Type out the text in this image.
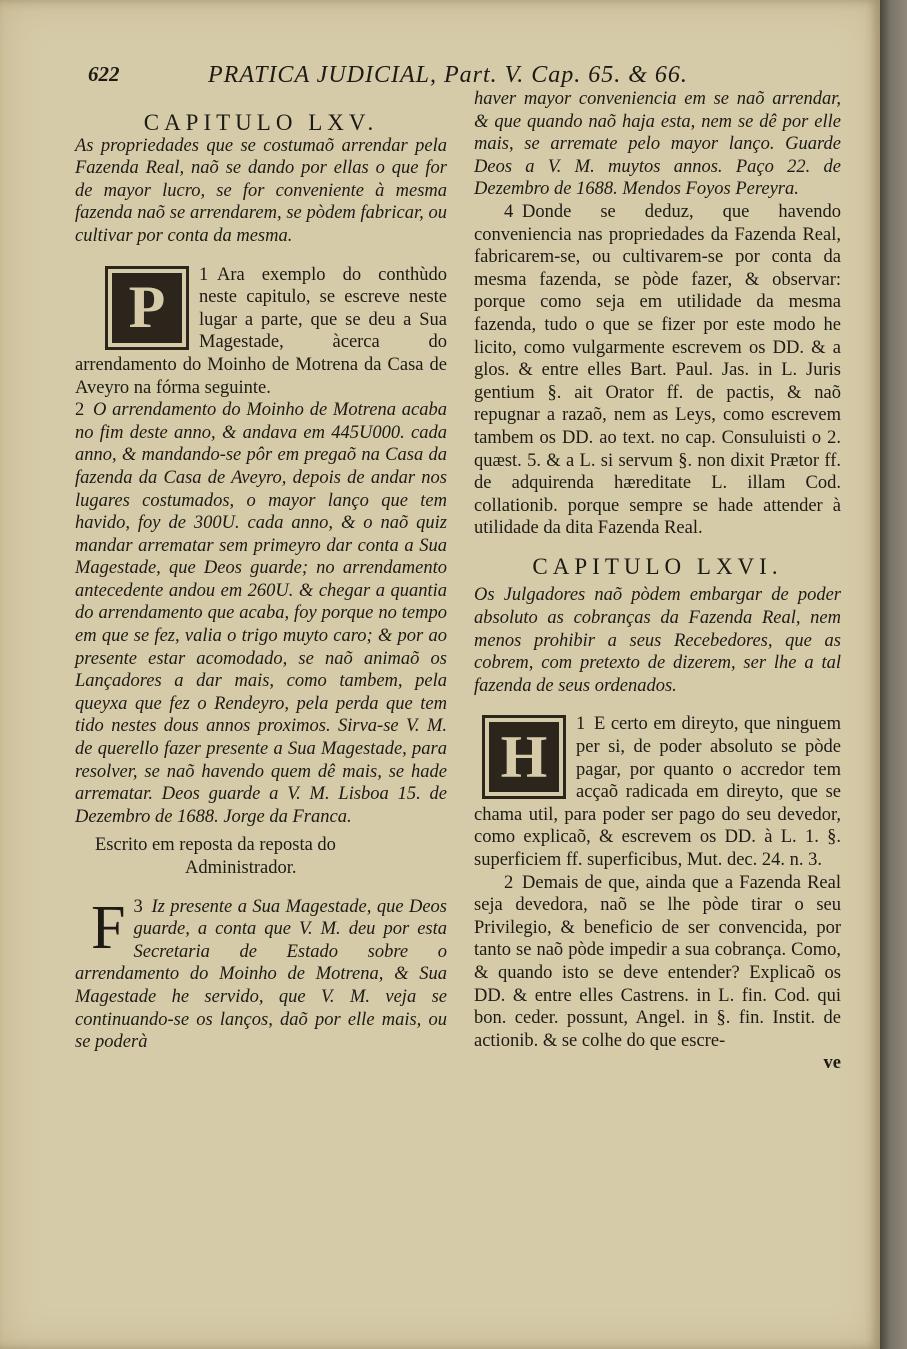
622	PRATICA JUDICIAL, Part. V. Cap. 65. & 66.

CAPITULO LXV.

As propriedades que se costumaõ arrendar pela Fazenda Real, naõ se dando por ellas o que for de mayor lucro, se for conveniente à mesma fazenda naõ se arrendarem, se pòdem fabricar, ou cultivar por conta da mesma.

1
P	Ara exemplo do conthùdo neste capitulo, se escreve neste lugar a parte, que se deu a Sua Magestade, àcerca do arrendamento do Moinho de Motrena da Casa de Aveyro na fórma seguinte.

2 O arrendamento do Moinho de Motrena acaba no fim deste anno, & andava em 445U000. cada anno, & mandando-se pôr em pregaõ na Casa da fazenda da Casa de Aveyro, depois de andar nos lugares costumados, o mayor lanço que tem havido, foy de 300U. cada anno, & o naõ quiz mandar arrematar sem primeyro dar conta a Sua Magestade, que Deos guarde; no arrendamento antecedente andou em 260U. & chegar a quantia do arrendamento que acaba, foy porque no tempo em que se fez, valia o trigo muyto caro; & por ao presente estar acomodado, se naõ animaõ os Lançadores a dar mais, como tambem, pela queyxa que fez o Rendeyro, pela perda que tem tido nestes dous annos proximos. Sirva-se V. M. de querello fazer presente a Sua Magestade, para resolver, se naõ havendo quem dê mais, se hade arrematar. Deos guarde a V. M. Lisboa 15. de Dezembro de 1688. Jorge da Franca.

Escrito em reposta da reposta do
Administrador.

3
F Iz presente a Sua Magestade, que Deos guarde, a conta que V. M. deu por esta Secretaria de Estado sobre o arrendamento do Moinho de Motrena, & Sua Magestade he servido, que V. M. veja se continuando-se os lanços, daõ por elle mais, ou se poderà

haver mayor conveniencia em se naõ arrendar, & que quando naõ haja esta, nem se dê por elle mais, se arremate pelo mayor lanço. Guarde Deos a V. M. muytos annos. Paço 22. de Dezembro de 1688. Mendos Foyos Pereyra.

4 Donde se deduz, que havendo conveniencia nas propriedades da Fazenda Real, fabricarem-se, ou cultivarem-se por conta da mesma fazenda, se pòde fazer, & observar: porque como seja em utilidade da mesma fazenda, tudo o que se fizer por este modo he licito, como vulgarmente escrevem os DD. & a glos. & entre elles Bart. Paul. Jas. in L. Juris gentium §. ait Orator ff. de pactis, & naõ repugnar a razaõ, nem as Leys, como escrevem tambem os DD. ao text. no cap. Consuluisti o 2. quæst. 5. & a L. si servum §. non dixit Prætor ff. de adquirenda hæreditate L. illam Cod. collationib. porque sempre se hade attender à utilidade da dita Fazenda Real.

CAPITULO LXVI.

Os Julgadores naõ pòdem embargar de poder absoluto as cobranças da Fazenda Real, nem menos prohibir a seus Recebedores, que as cobrem, com pretexto de dizerem, ser lhe a tal fazenda de seus ordenados.

1
H	E certo em direyto, que ninguem per si, de poder absoluto se pòde pagar, por quanto o accredor tem acçaõ radicada em direyto, que se chama util, para poder ser pago do seu devedor, como explicaõ, & escrevem os DD. à L. 1. §. superficiem ff. superficibus, Mut. dec. 24. n. 3.

2 Demais de que, ainda que a Fazenda Real seja devedora, naõ se lhe pòde tirar o seu Privilegio, & beneficio de ser convencida, por tanto se naõ pòde impedir a sua cobrança. Como, & quando isto se deve entender? Explicaõ os DD. & entre elles Castrens. in L. fin. Cod. qui bon. ceder. possunt, Angel. in §. fin. Instit. de actionib. & se colhe do que escre-

ve
